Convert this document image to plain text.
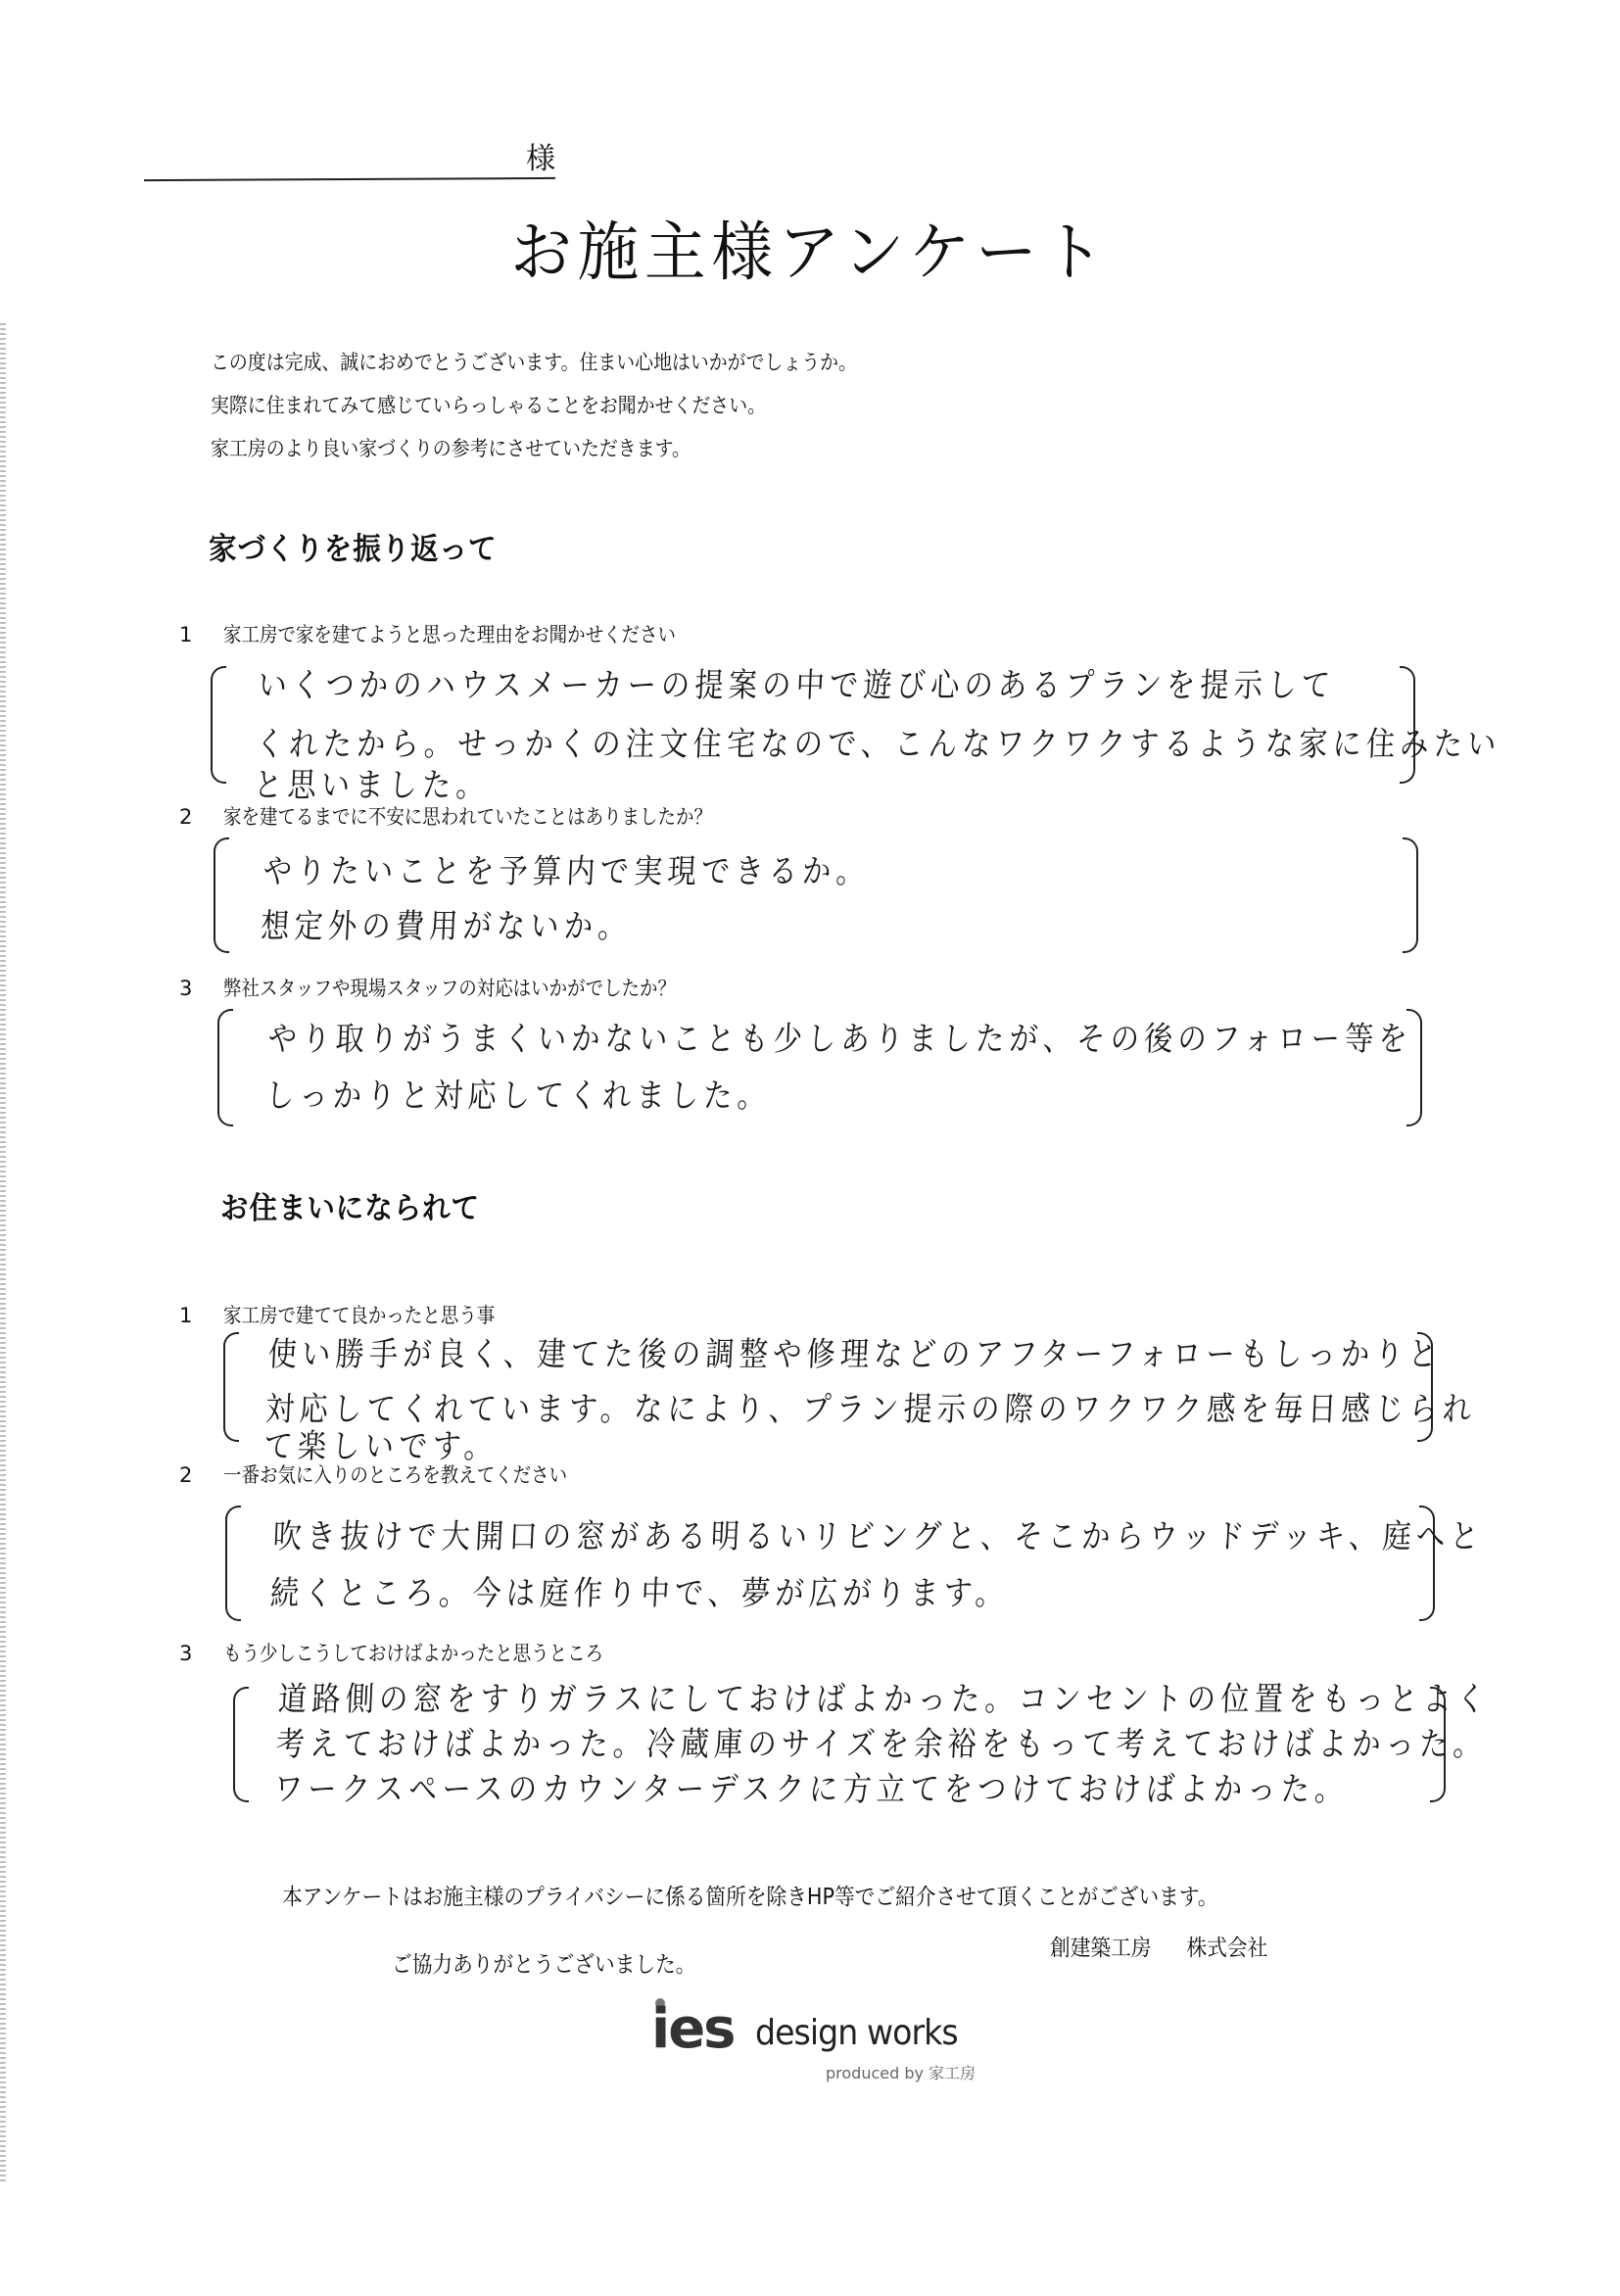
様
お施主様アンケート

この度は完成、誠におめでとうございます。住まい心地はいかがでしょうか。

実際に住まれてみて感じていらっしゃることをお聞かせください。

家工房のより良い家づくりの参考にさせていただきます。

家づくりを振り返って
1 家工房で家を建てようと思った理由をお聞かせください
いくつかのハウスメーカーの提案の中で遊び心のあるプランを提示して
くれたから。せっかくの注文住宅なので、こんなワクワクするような家に住みたい
と思いました。
2 家を建てるまでに不安に思われていたことはありましたか？
やりたいことを予算内で実現できるか。
想定外の費用がないか。
3 弊社スタッフや現場スタッフの対応はいかがでしたか？
やり取りがうまくいかないことも少しありましたが、その後のフォロー等を
しっかりと対応してくれました。
お住まいになられて
1 家工房で建てて良かったと思う事
使い勝手が良く、建てた後の調整や修理などのアフターフォローもしっかりと
対応してくれています。なにより、プラン提示の際のワクワク感を毎日感じられ
て楽しいです。
2 一番お気に入りのところを教えてください
吹き抜けで大開口の窓がある明るいリビングと、そこからウッドデッキ、庭へと
続くところ。今は庭作り中で、夢が広がります。
3 もう少しこうしておけばよかったと思うところ
道路側の窓をすりガラスにしておけばよかった。コンセントの位置をもっとよく
考えておけばよかった。冷蔵庫のサイズを余裕をもって考えておけばよかった。
ワークスペースのカウンターデスクに方立てをつけておけばよかった。
本アンケートはお施主様のプライバシーに係る箇所を除きHP等でご紹介させて頂くことがございます。
ご協力ありがとうございました。
創建築工房 株式会社
ies design works
produced by 家工房
